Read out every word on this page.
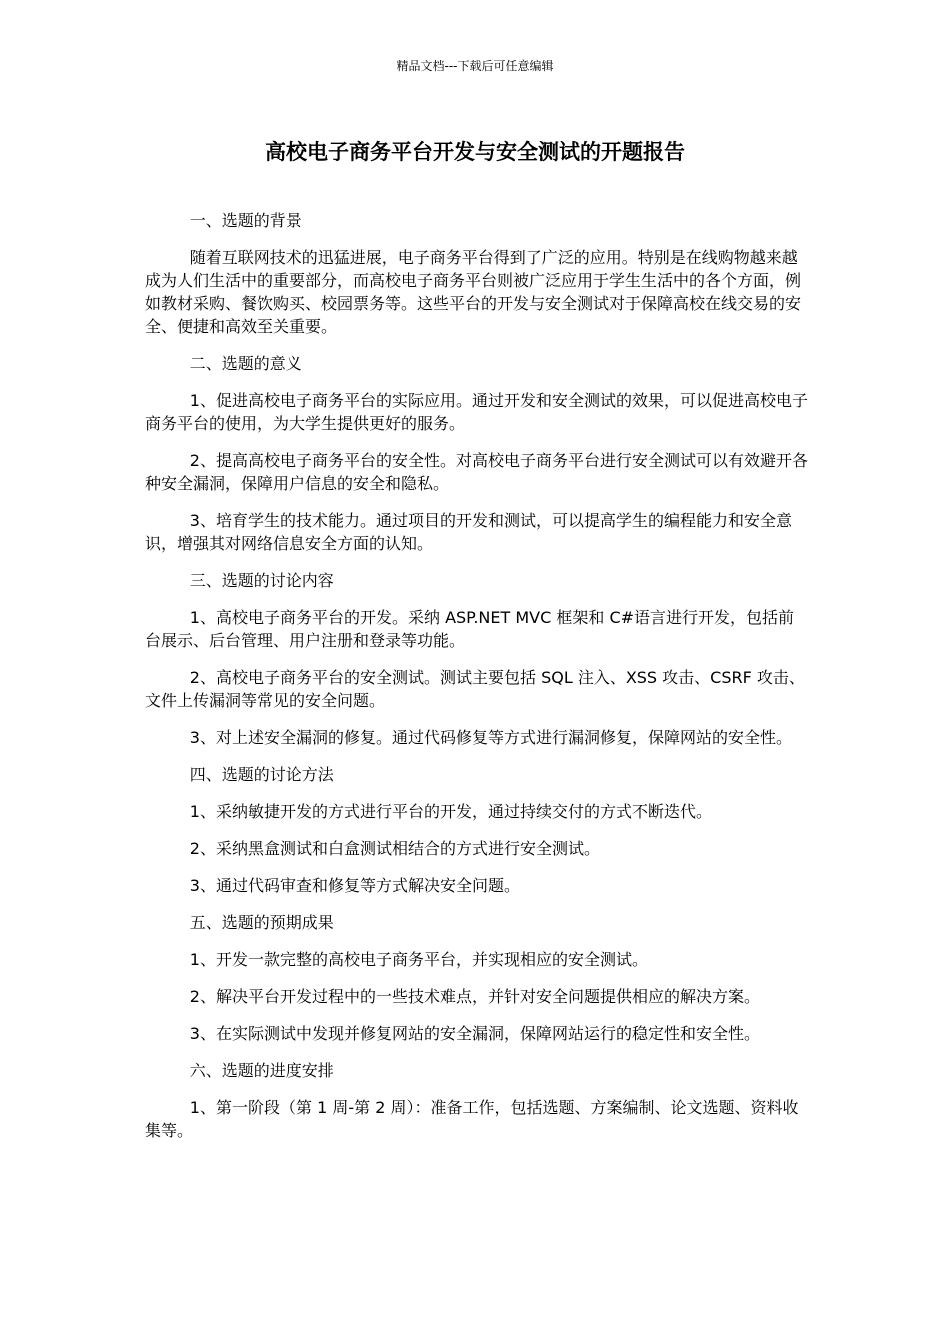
精品文档---下载后可任意编辑
高校电子商务平台开发与安全测试的开题报告

一、选题的背景

随着互联网技术的迅猛进展，电子商务平台得到了广泛的应用。特别是在线购物越来越成为人们生活中的重要部分，而高校电子商务平台则被广泛应用于学生生活中的各个方面，例如教材采购、餐饮购买、校园票务等。这些平台的开发与安全测试对于保障高校在线交易的安全、便捷和高效至关重要。

二、选题的意义

1、促进高校电子商务平台的实际应用。通过开发和安全测试的效果，可以促进高校电子商务平台的使用，为大学生提供更好的服务。

2、提高高校电子商务平台的安全性。对高校电子商务平台进行安全测试可以有效避开各种安全漏洞，保障用户信息的安全和隐私。

3、培育学生的技术能力。通过项目的开发和测试，可以提高学生的编程能力和安全意识，增强其对网络信息安全方面的认知。

三、选题的讨论内容

1、高校电子商务平台的开发。采纳 ASP.NET MVC 框架和 C#语言进行开发，包括前台展示、后台管理、用户注册和登录等功能。

2、高校电子商务平台的安全测试。测试主要包括 SQL 注入、XSS 攻击、CSRF 攻击、文件上传漏洞等常见的安全问题。

3、对上述安全漏洞的修复。通过代码修复等方式进行漏洞修复，保障网站的安全性。

四、选题的讨论方法

1、采纳敏捷开发的方式进行平台的开发，通过持续交付的方式不断迭代。

2、采纳黑盒测试和白盒测试相结合的方式进行安全测试。

3、通过代码审查和修复等方式解决安全问题。

五、选题的预期成果

1、开发一款完整的高校电子商务平台，并实现相应的安全测试。

2、解决平台开发过程中的一些技术难点，并针对安全问题提供相应的解决方案。

3、在实际测试中发现并修复网站的安全漏洞，保障网站运行的稳定性和安全性。

六、选题的进度安排

1、第一阶段（第 1 周-第 2 周）：准备工作，包括选题、方案编制、论文选题、资料收集等。
